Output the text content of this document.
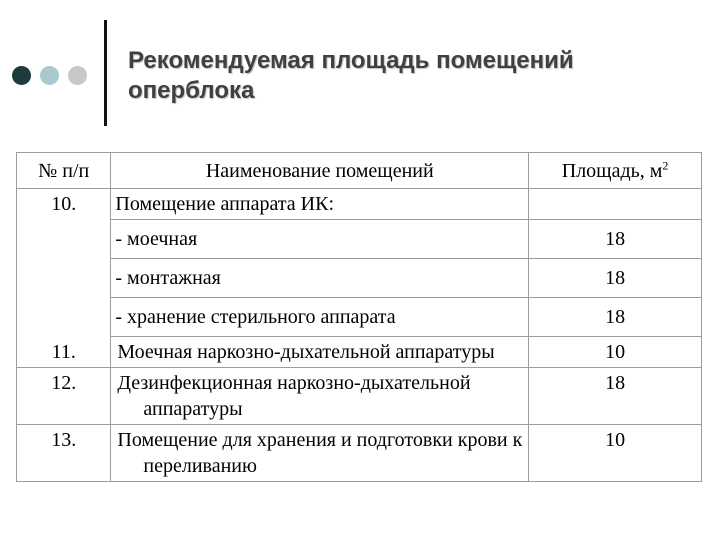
Рекомендуемая площадь помещений оперблока
№ п/п	Наименование помещений	Площадь, $м^2$
10.	Помещение аппарата ИК:	
	- моечная	18
	- монтажная	18
	- хранение стерильного аппарата	18
11.	Моечная наркозно-дыхательной аппаратуры	10
12.	Дезинфекционная наркозно-дыхательной аппаратуры	18
13.	Помещение для хранения и подготовки крови к переливанию	10
